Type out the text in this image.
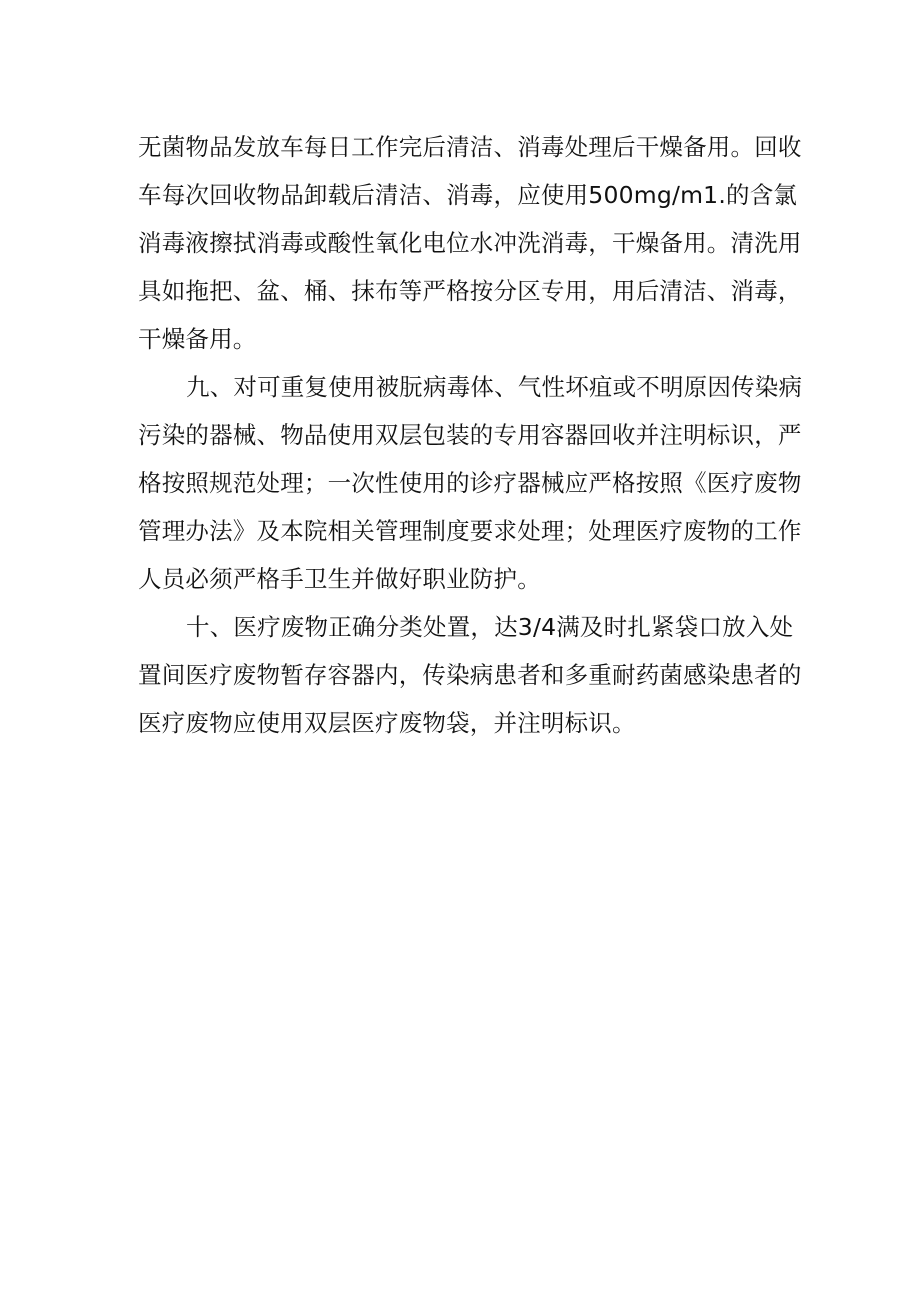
无菌物品发放车每日工作完后清洁、消毒处理后干燥备用。回收
车每次回收物品卸载后清洁、消毒，应使用500mg∕m1.的含氯
消毒液擦拭消毒或酸性氧化电位水冲洗消毒，干燥备用。清洗用
具如拖把、盆、桶、抹布等严格按分区专用，用后清洁、消毒，
干燥备用。
九、对可重复使用被朊病毒体、气性坏疽或不明原因传染病
污染的器械、物品使用双层包装的专用容器回收并注明标识，严
格按照规范处理；一次性使用的诊疗器械应严格按照《医疗废物
管理办法》及本院相关管理制度要求处理；处理医疗废物的工作
人员必须严格手卫生并做好职业防护。
十、医疗废物正确分类处置，达3/4满及时扎紧袋口放入处
置间医疗废物暂存容器内，传染病患者和多重耐药菌感染患者的
医疗废物应使用双层医疗废物袋，并注明标识。
